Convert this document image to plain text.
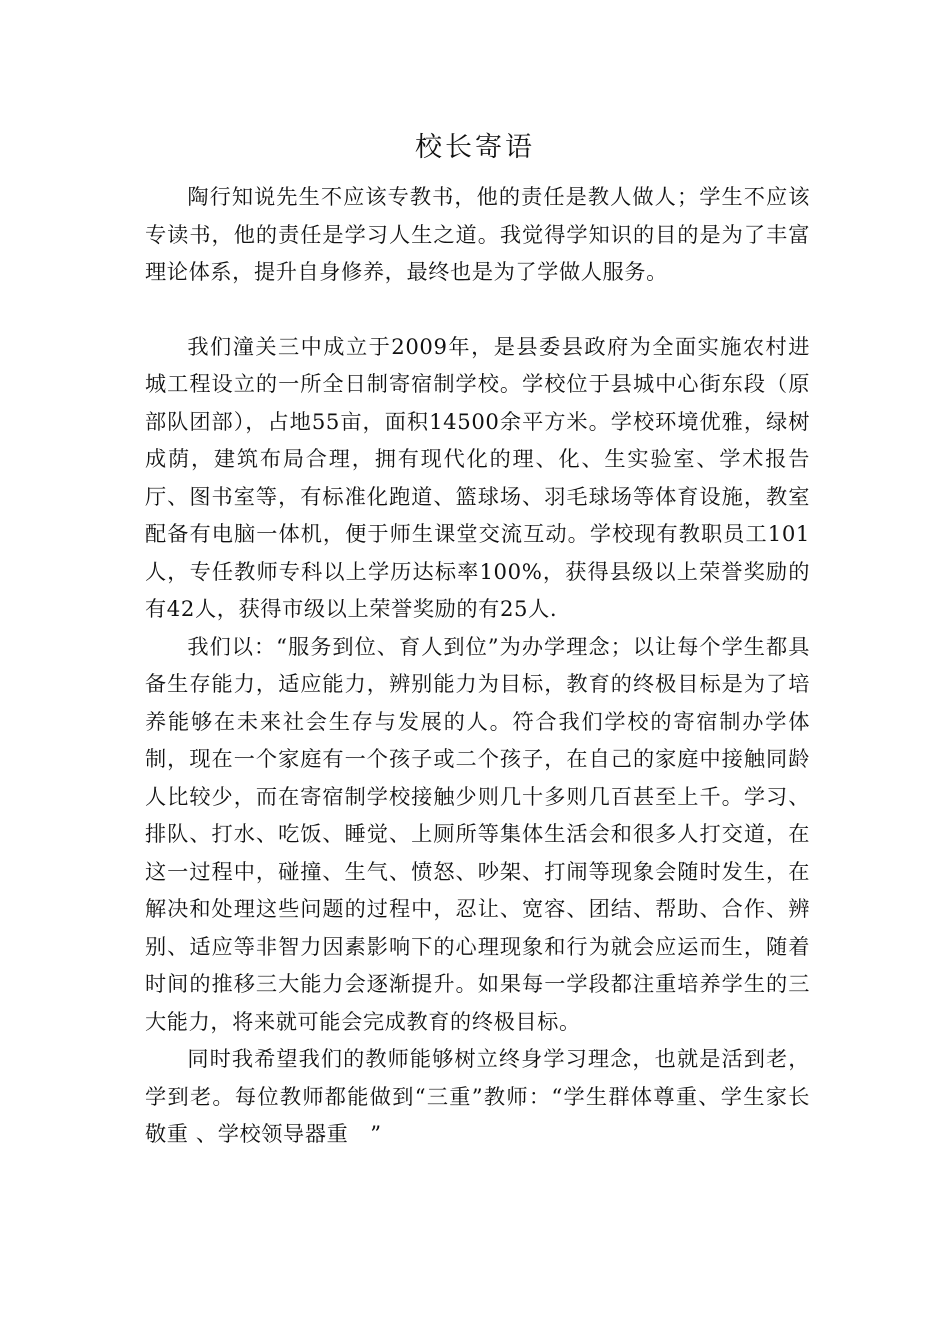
校长寄语

陶行知说先生不应该专教书，他的责任是教人做人；学生不应该专读书，他的责任是学习人生之道。我觉得学知识的目的是为了丰富理论体系，提升自身修养，最终也是为了学做人服务。

我们潼关三中成立于2009年，是县委县政府为全面实施农村进城工程设立的一所全日制寄宿制学校。学校位于县城中心街东段（原部队团部），占地55亩，面积14500余平方米。学校环境优雅，绿树成荫，建筑布局合理，拥有现代化的理、化、生实验室、学术报告厅、图书室等，有标准化跑道、篮球场、羽毛球场等体育设施，教室配备有电脑一体机，便于师生课堂交流互动。学校现有教职员工101人，专任教师专科以上学历达标率100%，获得县级以上荣誉奖励的有42人，获得市级以上荣誉奖励的有25人.

我们以：“服务到位、育人到位”为办学理念；以让每个学生都具备生存能力，适应能力，辨别能力为目标，教育的终极目标是为了培养能够在未来社会生存与发展的人。符合我们学校的寄宿制办学体制，现在一个家庭有一个孩子或二个孩子，在自己的家庭中接触同龄人比较少，而在寄宿制学校接触少则几十多则几百甚至上千。学习、排队、打水、吃饭、睡觉、上厕所等集体生活会和很多人打交道，在这一过程中，碰撞、生气、愤怒、吵架、打闹等现象会随时发生，在解决和处理这些问题的过程中，忍让、宽容、团结、帮助、合作、辨别、适应等非智力因素影响下的心理现象和行为就会应运而生，随着时间的推移三大能力会逐渐提升。如果每一学段都注重培养学生的三大能力，将来就可能会完成教育的终极目标。

同时我希望我们的教师能够树立终身学习理念，也就是活到老，学到老。每位教师都能做到“三重”教师：“学生群体尊重、学生家长敬重 、学校领导器重　”
